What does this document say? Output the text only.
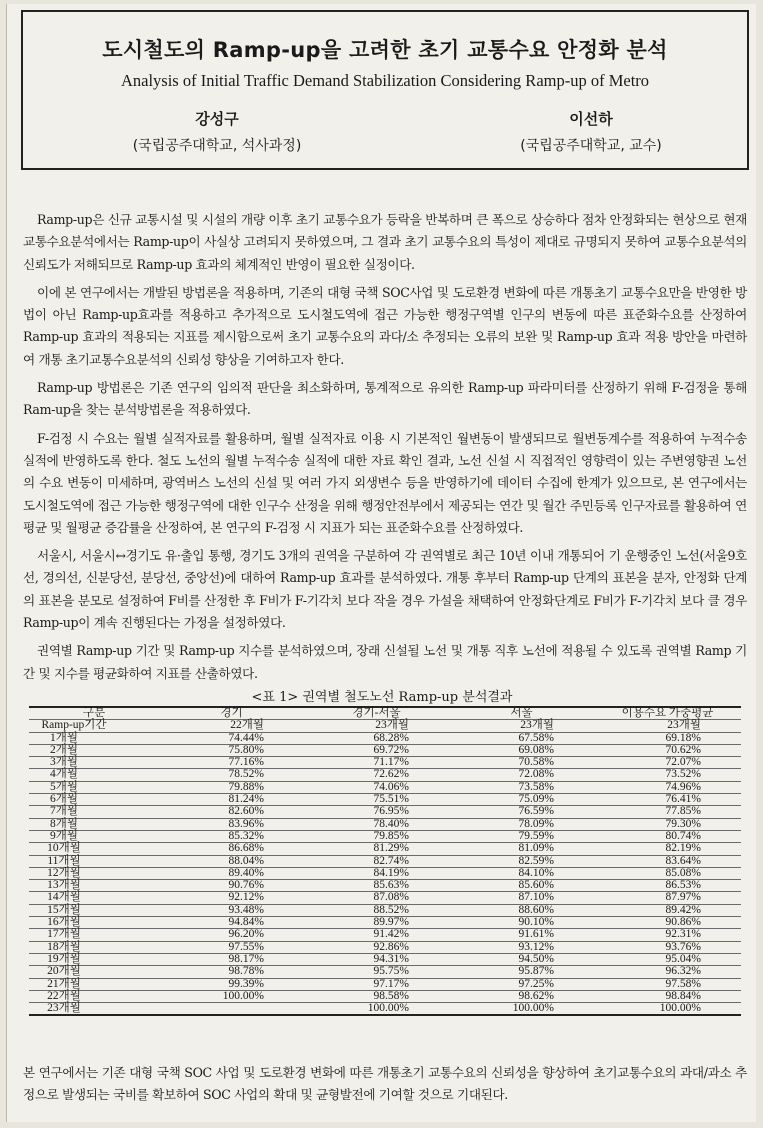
도시철도의 Ramp-up을 고려한 초기 교통수요 안정화 분석
Analysis of Initial Traffic Demand Stabilization Considering Ramp-up of Metro
강성구
(국립공주대학교, 석사과정)
이선하
(국립공주대학교, 교수)

Ramp-up은 신규 교통시설 및 시설의 개량 이후 초기 교통수요가 등락을 반복하며 큰 폭으로 상승하다 점차 안정화되는 현상으로 현재 교통수요분석에서는 Ramp-up이 사실상 고려되지 못하였으며, 그 결과 초기 교통수요의 특성이 제대로 규명되지 못하여 교통수요분석의 신뢰도가 저해되므로 Ramp-up 효과의 체계적인 반영이 필요한 실정이다.

이에 본 연구에서는 개발된 방법론을 적용하며, 기존의 대형 국책 SOC사업 및 도로환경 변화에 따른 개통초기 교통수요만을 반영한 방법이 아닌 Ramp-up효과를 적용하고 추가적으로 도시철도역에 접근 가능한 행정구역별 인구의 변동에 따른 표준화수요를 산정하여 Ramp-up 효과의 적용되는 지표를 제시함으로써 초기 교통수요의 과다/소 추정되는 오류의 보완 및 Ramp-up 효과 적용 방안을 마련하여 개통 초기교통수요분석의 신뢰성 향상을 기여하고자 한다.

Ramp-up 방법론은 기존 연구의 임의적 판단을 최소화하며, 통계적으로 유의한 Ramp-up 파라미터를 산정하기 위해 F-검정을 통해 Ram-up을 찾는 분석방법론을 적용하였다.

F-검정 시 수요는 월별 실적자료를 활용하며, 월별 실적자료 이용 시 기본적인 월변동이 발생되므로 월변동계수를 적용하여 누적수송 실적에 반영하도록 한다. 철도 노선의 월별 누적수송 실적에 대한 자료 확인 결과, 노선 신설 시 직접적인 영향력이 있는 주변영향권 노선의 수요 변동이 미세하며, 광역버스 노선의 신설 및 여러 가지 외생변수 등을 반영하기에 데이터 수집에 한계가 있으므로, 본 연구에서는 도시철도역에 접근 가능한 행정구역에 대한 인구수 산정을 위해 행정안전부에서 제공되는 연간 및 월간 주민등록 인구자료를 활용하여 연평균 및 월평균 증감률을 산정하여, 본 연구의 F-검정 시 지표가 되는 표준화수요를 산정하였다.

서울시, 서울시↔경기도 유·출입 통행, 경기도 3개의 권역을 구분하여 각 권역별로 최근 10년 이내 개통되어 기 운행중인 노선(서울9호선, 경의선, 신분당선, 분당선, 중앙선)에 대하여 Ramp-up 효과를 분석하였다. 개통 후부터 Ramp-up 단계의 표본을 분자, 안정화 단계의 표본을 분모로 설정하여 F비를 산정한 후 F비가 F-기각치 보다 작을 경우 가설을 채택하여 안정화단계로 F비가 F-기각치 보다 클 경우 Ramp-up이 계속 진행된다는 가정을 설정하였다.

권역별 Ramp-up 기간 및 Ramp-up 지수를 분석하였으며, 장래 신설될 노선 및 개통 직후 노선에 적용될 수 있도록 권역별 Ramp 기간 및 지수를 평균화하여 지표를 산출하였다.

<표 1> 권역별 철도노선 Ramp-up 분석결과
구분	경기	경기-서울	서울	이용수요 가중평균
Ramp-up기간	22개월	23개월	23개월	23개월
1개월	74.44%	68.28%	67.58%	69.18%
2개월	75.80%	69.72%	69.08%	70.62%
3개월	77.16%	71.17%	70.58%	72.07%
4개월	78.52%	72.62%	72.08%	73.52%
5개월	79.88%	74.06%	73.58%	74.96%
6개월	81.24%	75.51%	75.09%	76.41%
7개월	82.60%	76.95%	76.59%	77.85%
8개월	83.96%	78.40%	78.09%	79.30%
9개월	85.32%	79.85%	79.59%	80.74%
10개월	86.68%	81.29%	81.09%	82.19%
11개월	88.04%	82.74%	82.59%	83.64%
12개월	89.40%	84.19%	84.10%	85.08%
13개월	90.76%	85.63%	85.60%	86.53%
14개월	92.12%	87.08%	87.10%	87.97%
15개월	93.48%	88.52%	88.60%	89.42%
16개월	94.84%	89.97%	90.10%	90.86%
17개월	96.20%	91.42%	91.61%	92.31%
18개월	97.55%	92.86%	93.12%	93.76%
19개월	98.17%	94.31%	94.50%	95.04%
20개월	98.78%	95.75%	95.87%	96.32%
21개월	99.39%	97.17%	97.25%	97.58%
22개월	100.00%	98.58%	98.62%	98.84%
23개월		100.00%	100.00%	100.00%
본 연구에서는 기존 대형 국책 SOC 사업 및 도로환경 변화에 따른 개통초기 교통수요의 신뢰성을 향상하여 초기교통수요의 과대/과소 추정으로 발생되는 국비를 확보하여 SOC 사업의 확대 및 균형발전에 기여할 것으로 기대된다.
